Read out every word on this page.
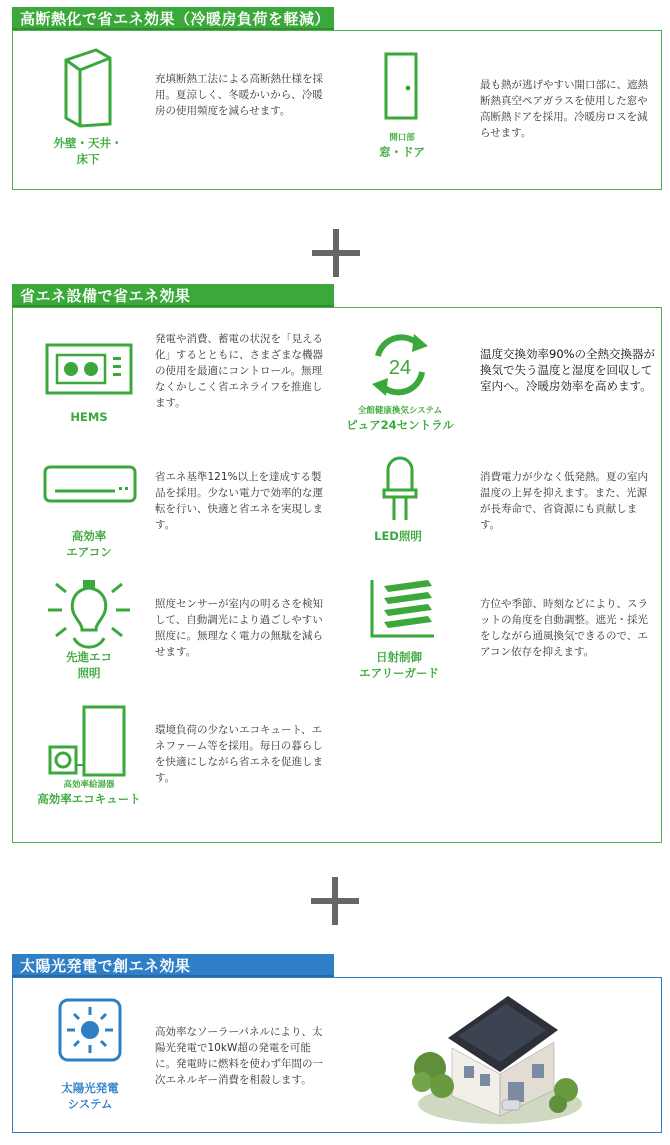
高断熱化で省エネ効果（冷暖房負荷を軽減）
外壁・天井・
床下
充填断熱工法による高断熱仕様を採用。夏涼しく、冬暖かいから、冷暖房の使用頻度を減らせます。
開口部
窓・ドア
最も熱が逃げやすい開口部に、遮熱断熱真空ペアガラスを使用した窓や高断熱ドアを採用。冷暖房ロスを減らせます。
省エネ設備で省エネ効果
HEMS
発電や消費、蓄電の状況を「見える化」するとともに、さまざまな機器の使用を最適にコントロール。無理なくかしこく省エネライフを推進します。
24
全館健康換気システム
ピュア24セントラル
温度交換効率90%の全熱交換器が換気で失う温度と湿度を回収して室内へ。冷暖房効率を高めます。
高効率
エアコン
省エネ基準121%以上を達成する製品を採用。少ない電力で効率的な運転を行い、快適と省エネを実現します。
LED照明
消費電力が少なく低発熱。夏の室内温度の上昇を抑えます。また、光源が長寿命で、省資源にも貢献します。
先進エコ
照明
照度センサーが室内の明るさを検知して、自動調光により過ごしやすい照度に。無理なく電力の無駄を減らせます。	日射制御
エアリーガード
方位や季節、時刻などにより、スラットの角度を自動調整。遮光・採光をしながら通風換気できるので、エアコン依存を抑えます。
高効率給湯器
高効率エコキュート
環境負荷の少ないエコキュート、エネファーム等を採用。毎日の暮らしを快適にしながら省エネを促進します。
太陽光発電で創エネ効果
太陽光発電
システム
高効率なソーラーパネルにより、太陽光発電で10kW超の発電を可能に。発電時に燃料を使わず年間の一次エネルギー消費を相殺します。
